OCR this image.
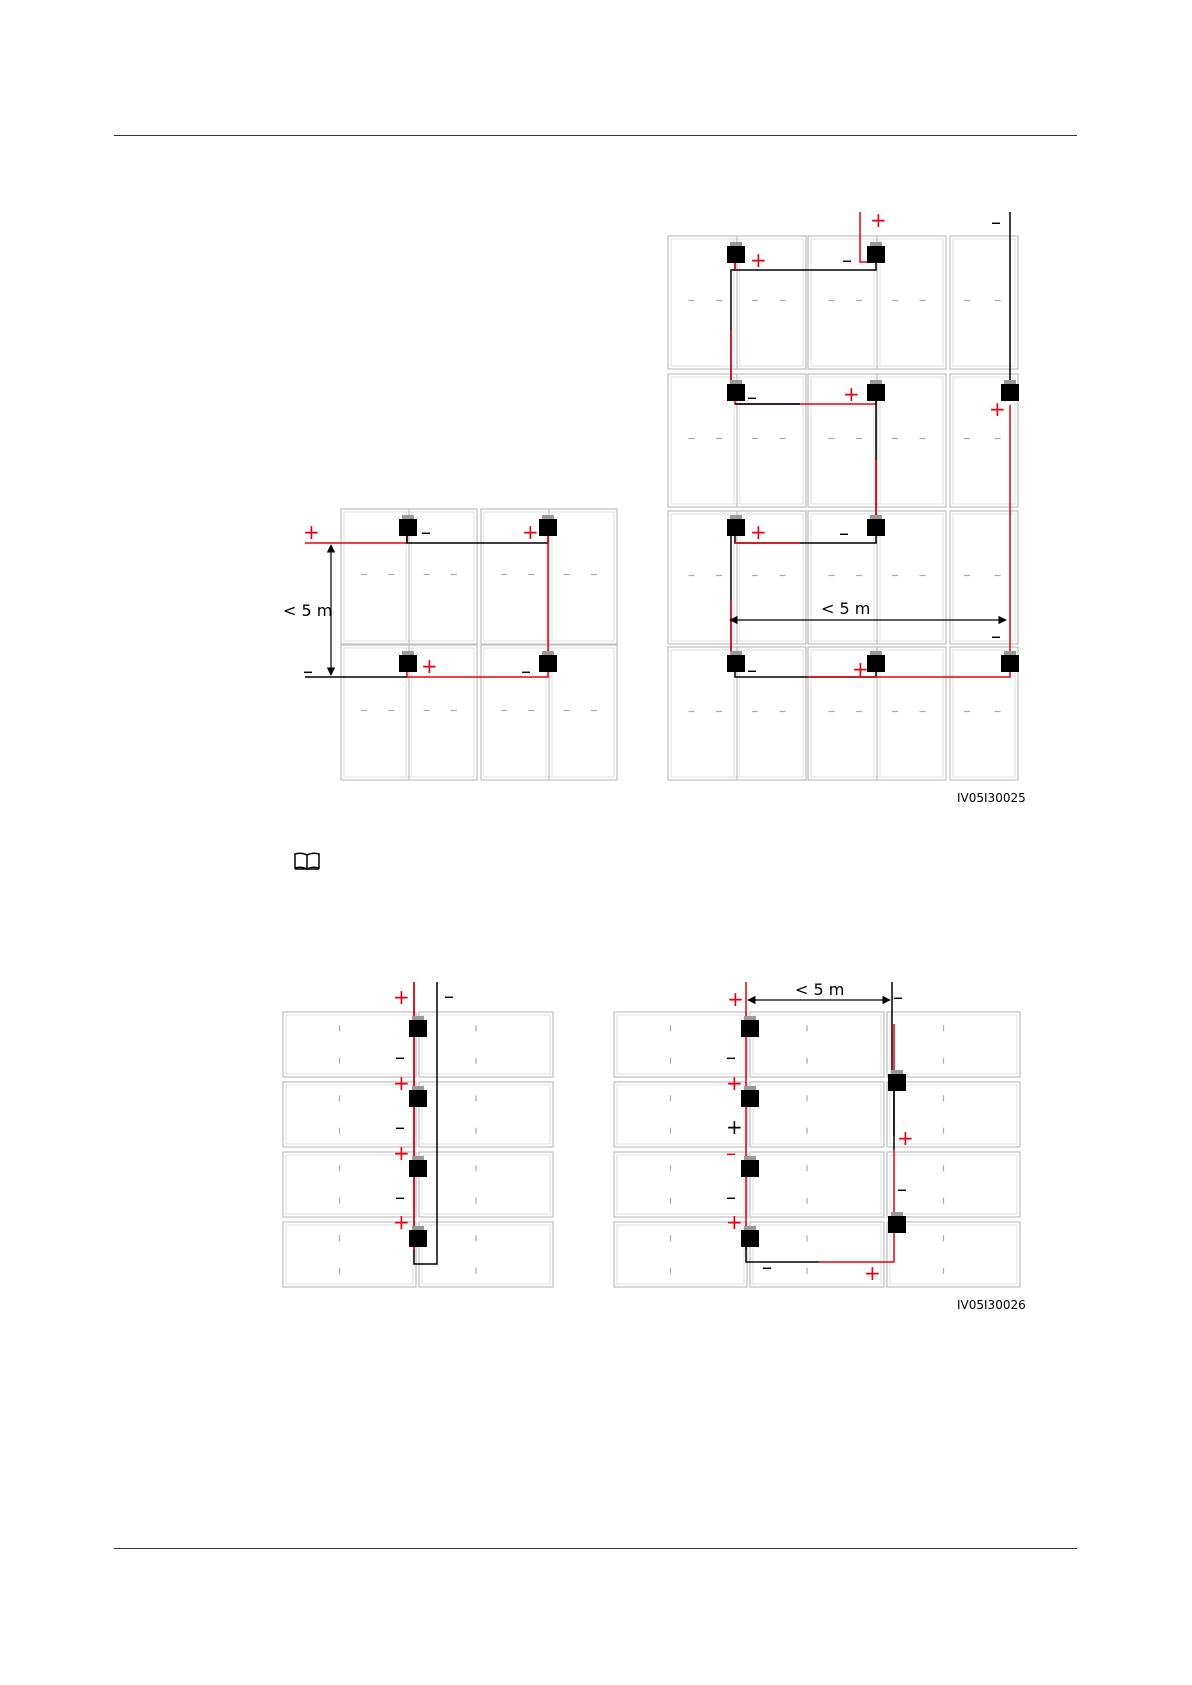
+	–	+
–	+	–
< 5 m
+
+	–
–
+
–	+
+	–
–	+
–
< 5 m
IV05I30025
+ –
–
+
–
+
–
+
+	–
–
+
–
+
–
+
+
–
–	+
< 5 m
IV05I30026
